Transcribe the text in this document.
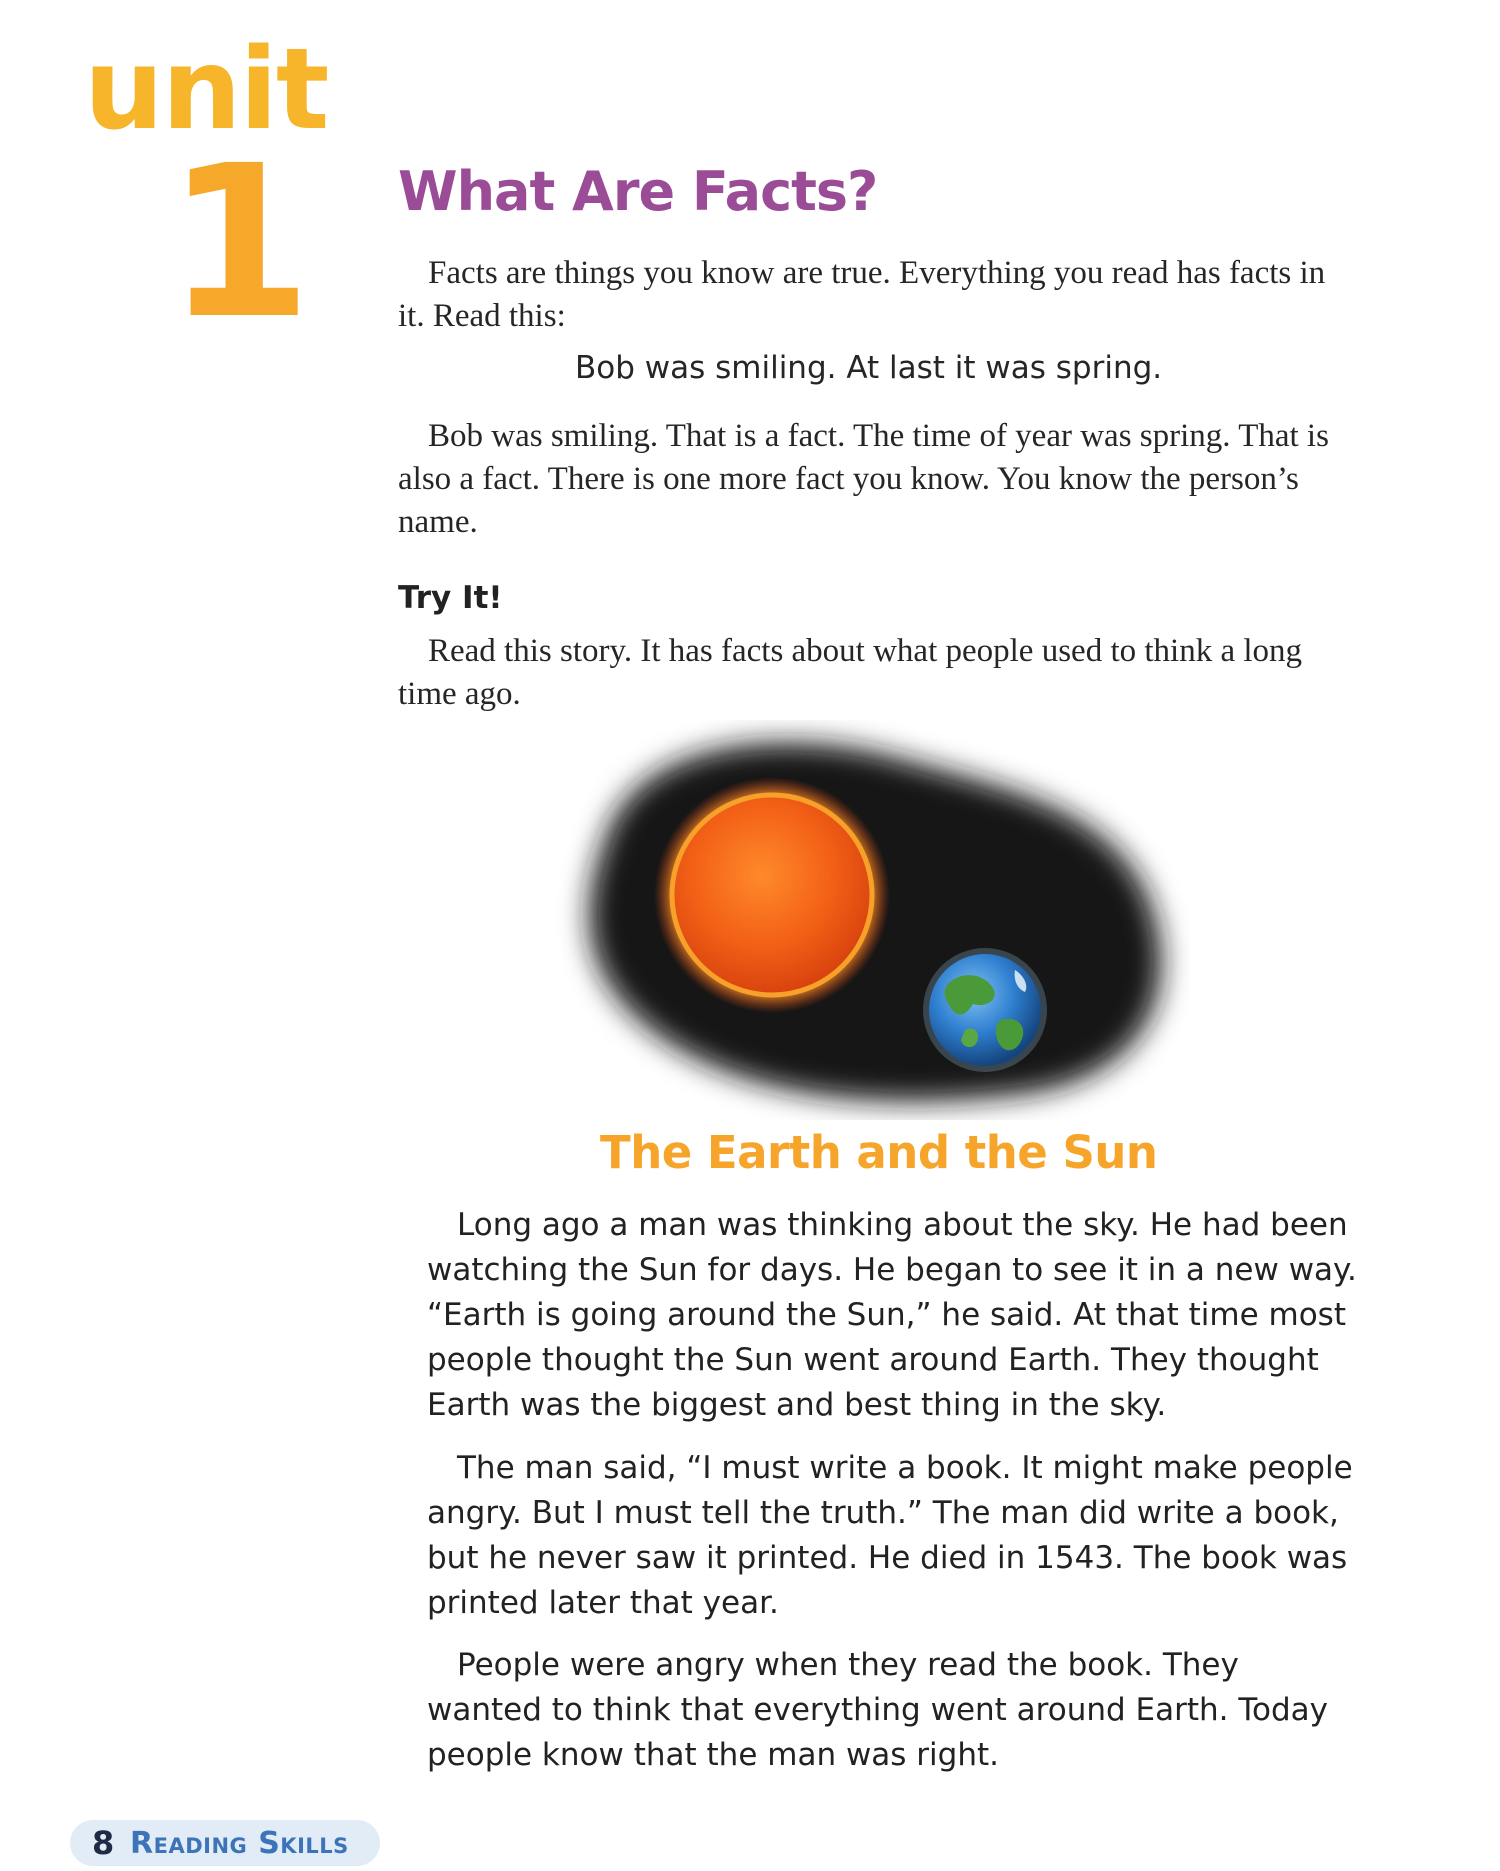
unit
1 What Are Facts?

Facts are things you know are true. Everything you read has facts in it. Read this:

Bob was smiling. At last it was spring.

Bob was smiling. That is a fact. The time of year was spring. That is also a fact. There is one more fact you know. You know the person’s name.

Try It!

Read this story. It has facts about what people used to think a long time ago.

The Earth and the Sun

Long ago a man was thinking about the sky. He had been watching the Sun for days. He began to see it in a new way. “Earth is going around the Sun,” he said. At that time most people thought the Sun went around Earth. They thought Earth was the biggest and best thing in the sky.

The man said, “I must write a book. It might make people angry. But I must tell the truth.” The man did write a book, but he never saw it printed. He died in 1543. The book was printed later that year.

People were angry when they read the book. They wanted to think that everything went around Earth. Today people know that the man was right.

8 Reading Skills
